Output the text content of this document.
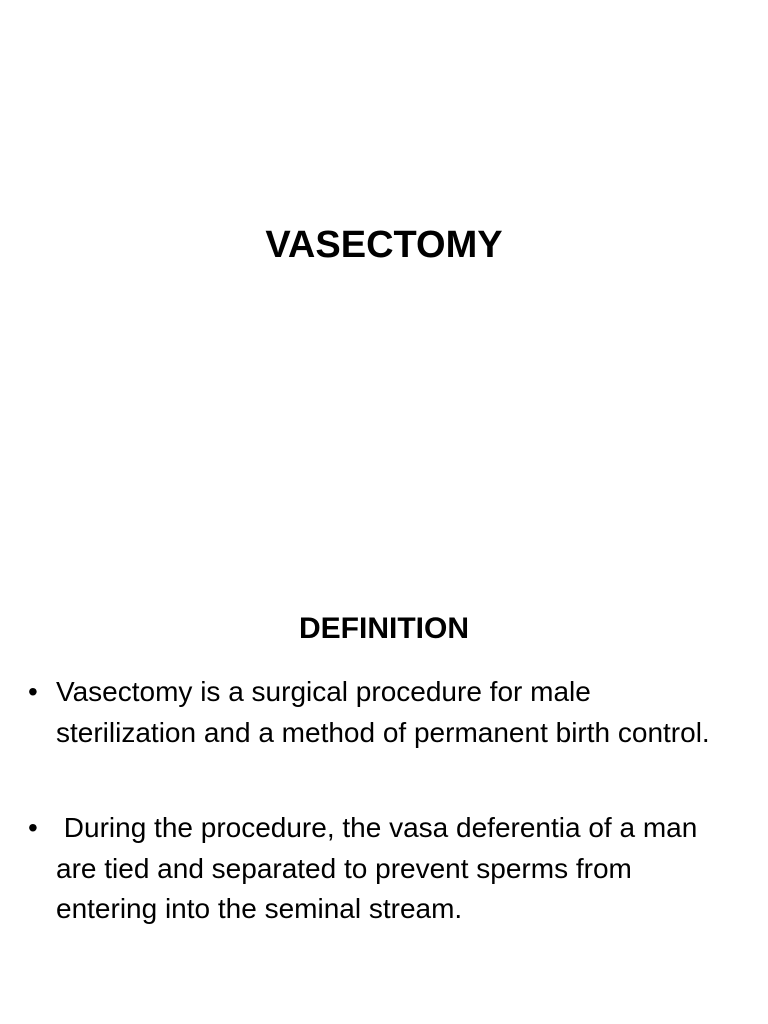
VASECTOMY
DEFINITION
• Vasectomy is a surgical procedure for male sterilization and a method of permanent birth control.
• During the procedure, the vasa deferentia of a man are tied and separated to prevent sperms from entering into the seminal stream.
